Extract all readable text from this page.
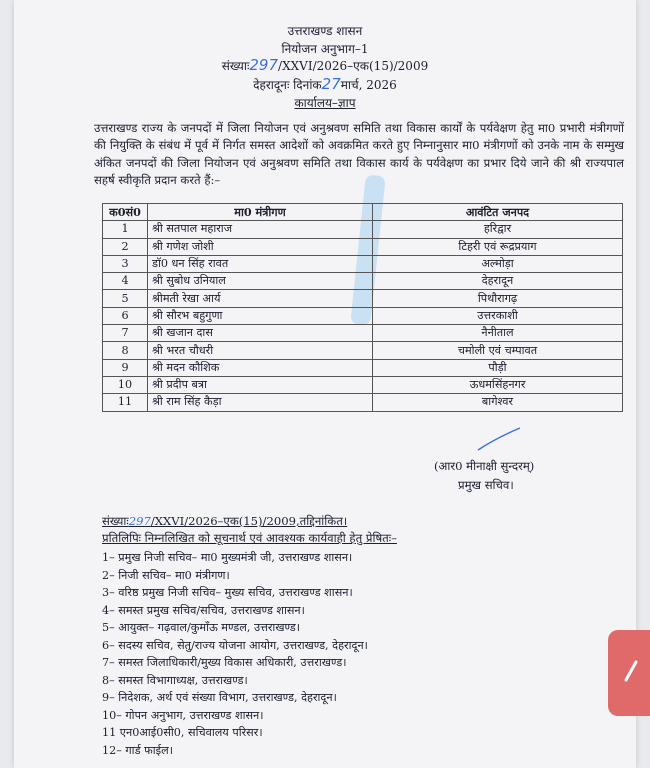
उत्तराखण्ड शासन
नियोजन अनुभाग–1
संख्याः297/XXVI/2026–एक(15)/2009
देहरादूनः दिनांक27मार्च, 2026
कार्यालय–ज्ञाप
उत्तराखण्ड राज्य के जनपदों में जिला नियोजन एवं अनुश्रवण समिति तथा विकास कार्यों के पर्यवेक्षण हेतु मा0 प्रभारी मंत्रीगणों की नियुक्ति के संबंध में पूर्व में निर्गत समस्त आदेशों को अवक्रमित करते हुए निम्नानुसार मा0 मंत्रीगणों को उनके नाम के सम्मुख अंकित जनपदों की जिला नियोजन एवं अनुश्रवण समिति तथा विकास कार्य के पर्यवेक्षण का प्रभार दिये जाने की श्री राज्यपाल सहर्ष स्वीकृति प्रदान करते हैं:–
क0सं0	मा0 मंत्रीगण	आवंटित जनपद
1	श्री सतपाल महाराज	हरिद्वार
2	श्री गणेश जोशी	टिहरी एवं रूद्रप्रयाग
3	डॉ0 धन सिंह रावत	अल्मोड़ा
4	श्री सुबोध उनियाल	देहरादून
5	श्रीमती रेखा आर्य	पिथौरागढ़
6	श्री सौरभ बहुगुणा	उत्तरकाशी
7	श्री खजान दास	नैनीताल
8	श्री भरत चौधरी	चमोली एवं चम्पावत
9	श्री मदन कौशिक	पौड़ी
10	श्री प्रदीप बत्रा	ऊधमसिंहनगर
11	श्री राम सिंह कैड़ा	बागेश्वर
(आर0 मीनाक्षी सुन्दरम्)
प्रमुख सचिव।
संख्याः297/XXVI/2026–एक(15)/2009,तद्दिनांकित।
प्रतिलिपिः निम्नलिखित को सूचनार्थ एवं आवश्यक कार्यवाही हेतु प्रेषितः–
1– प्रमुख निजी सचिव– मा0 मुख्यमंत्री जी, उत्तराखण्ड शासन।
2– निजी सचिव– मा0 मंत्रीगण।
3– वरिष्ठ प्रमुख निजी सचिव– मुख्य सचिव, उत्तराखण्ड शासन।
4– समस्त प्रमुख सचिव/सचिव, उत्तराखण्ड शासन।
5– आयुक्त– गढ़वाल/कुमाँऊ मण्डल, उत्तराखण्ड।
6– सदस्य सचिव, सेतु/राज्य योजना आयोग, उत्तराखण्ड, देहरादून।
7– समस्त जिलाधिकारी/मुख्य विकास अधिकारी, उत्तराखण्ड।
8– समस्त विभागाध्यक्ष, उत्तराखण्ड।
9– निदेशक, अर्थ एवं संख्या विभाग, उत्तराखण्ड, देहरादून।
10– गोपन अनुभाग, उत्तराखण्ड शासन।
11 एन0आई0सी0, सचिवालय परिसर।
12– गार्ड फाईल।
